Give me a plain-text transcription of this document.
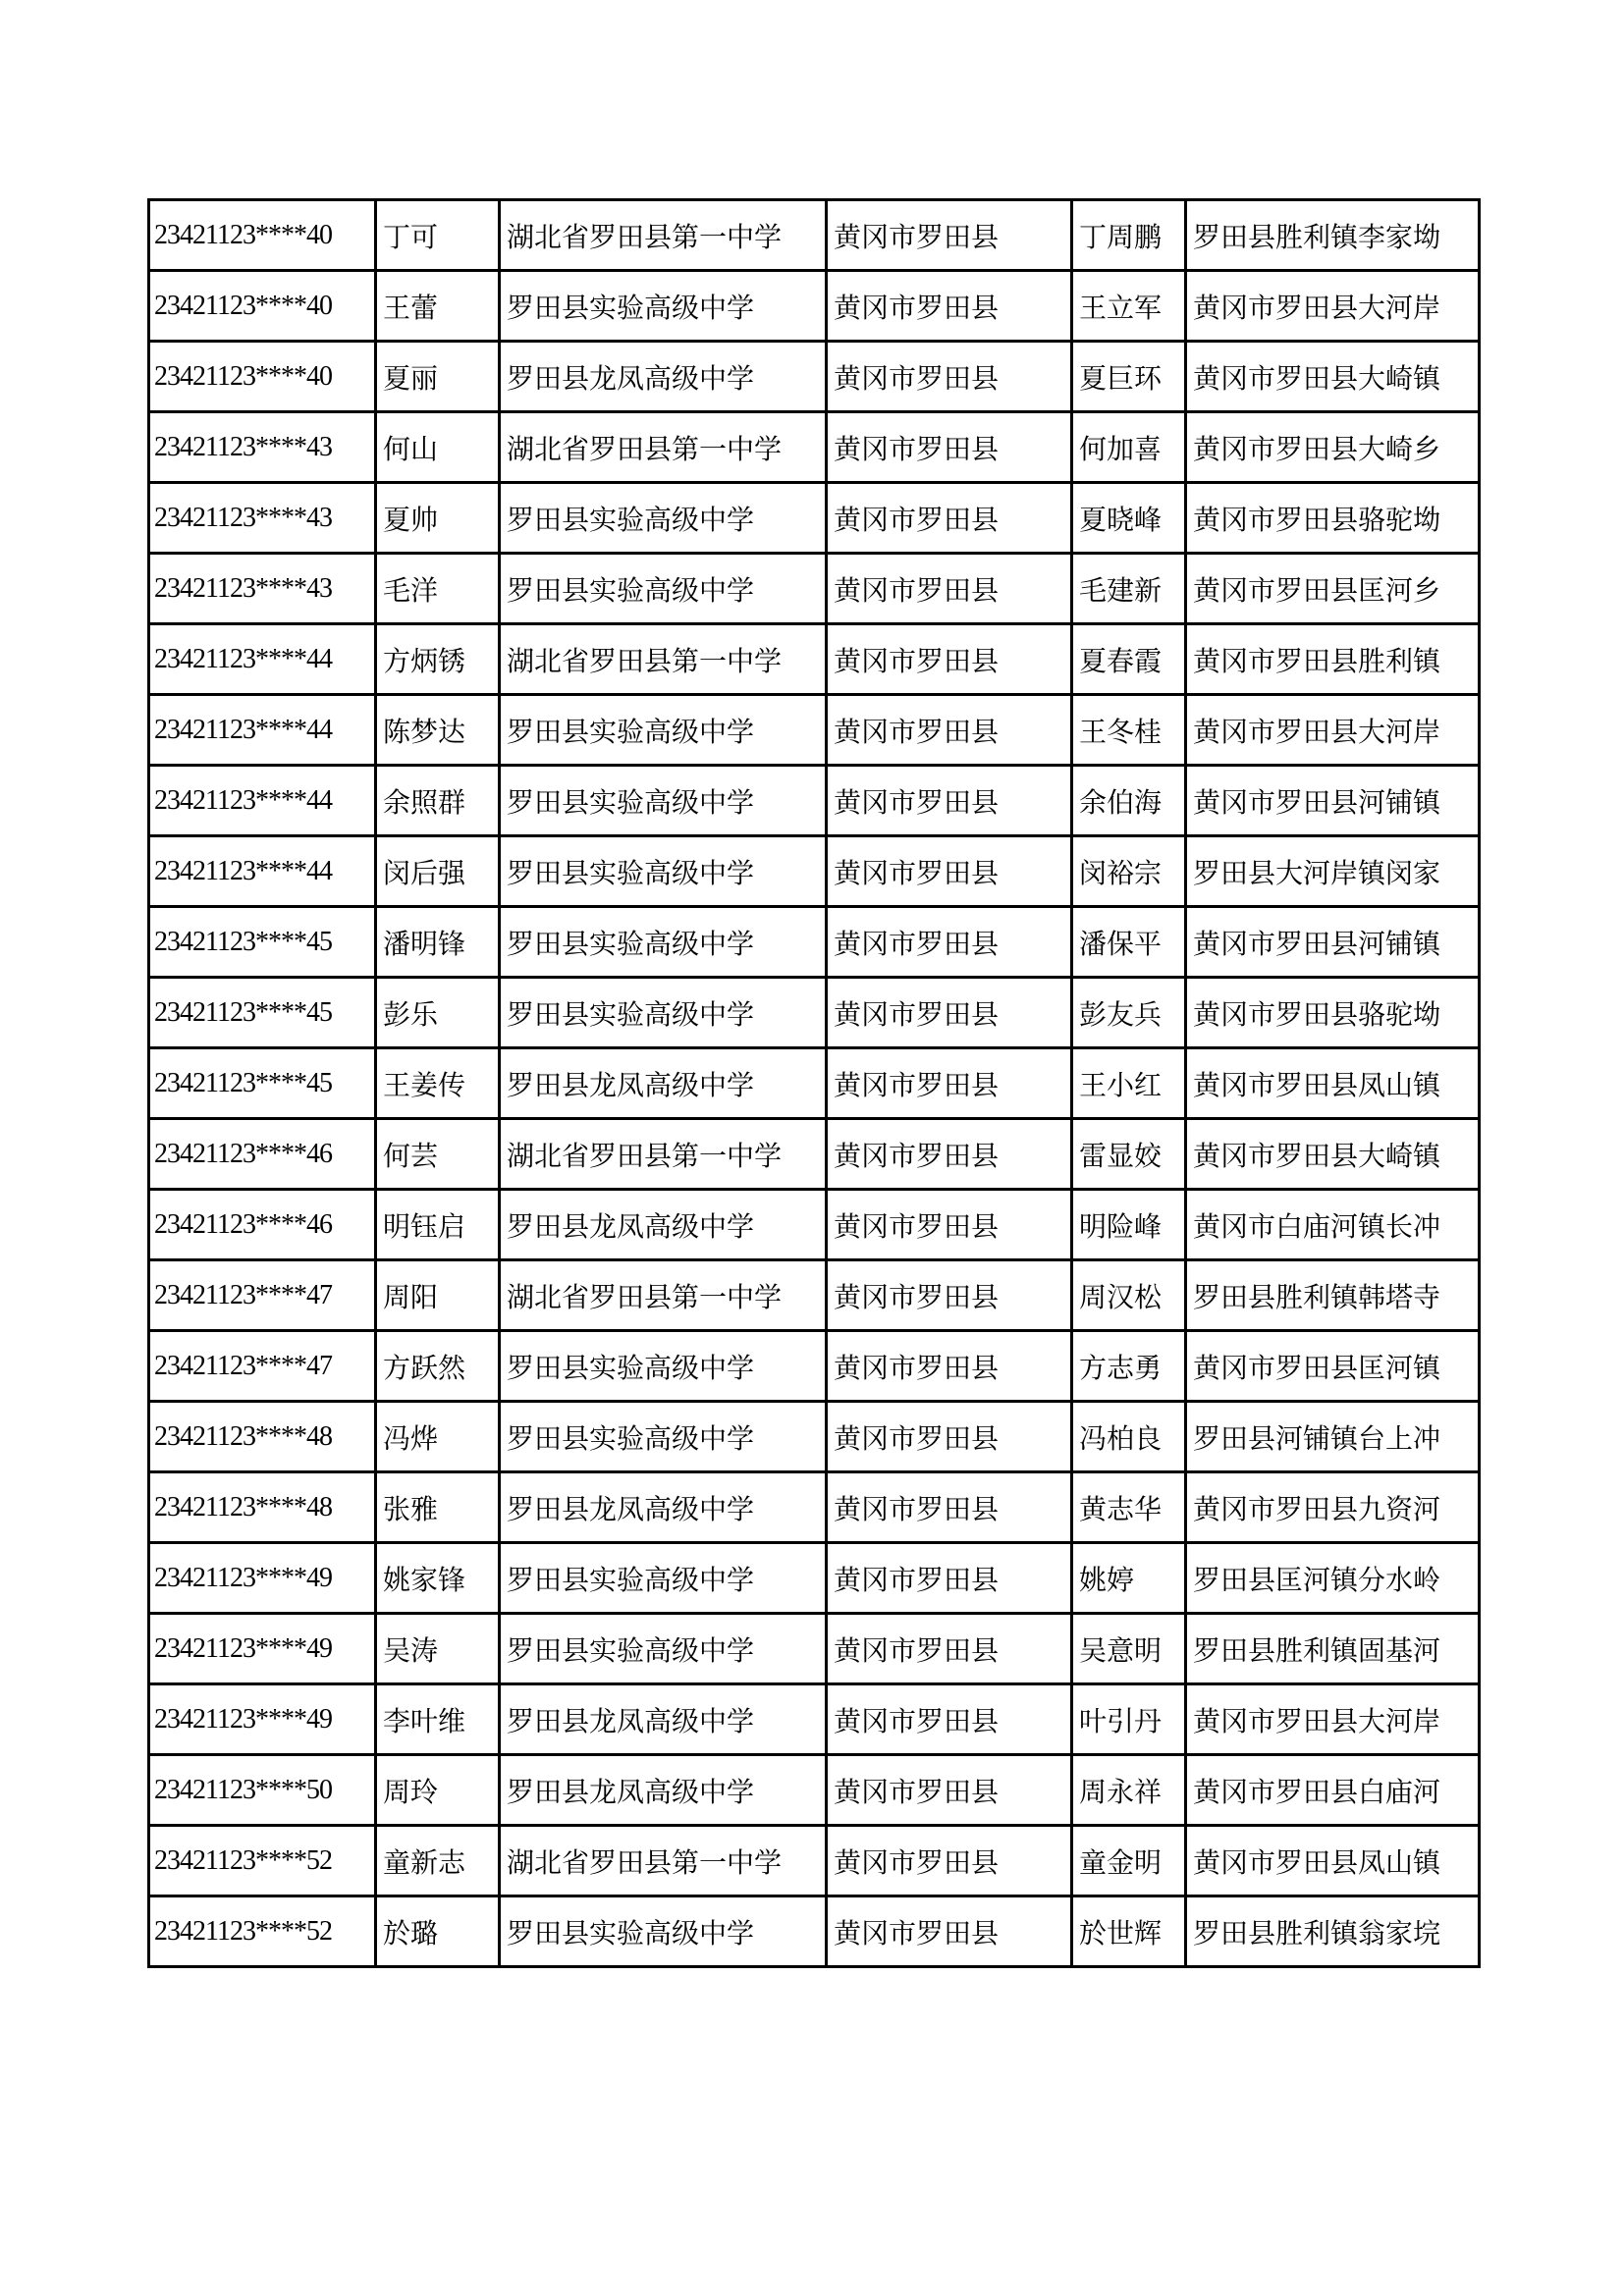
23421123****40	丁可	湖北省罗田县第一中学	黄冈市罗田县	丁周鹏	罗田县胜利镇李家坳
23421123****40	王蕾	罗田县实验高级中学	黄冈市罗田县	王立军	黄冈市罗田县大河岸
23421123****40	夏丽	罗田县龙凤高级中学	黄冈市罗田县	夏巨环	黄冈市罗田县大崎镇
23421123****43	何山	湖北省罗田县第一中学	黄冈市罗田县	何加喜	黄冈市罗田县大崎乡
23421123****43	夏帅	罗田县实验高级中学	黄冈市罗田县	夏晓峰	黄冈市罗田县骆驼坳
23421123****43	毛洋	罗田县实验高级中学	黄冈市罗田县	毛建新	黄冈市罗田县匡河乡
23421123****44	方炳锈	湖北省罗田县第一中学	黄冈市罗田县	夏春霞	黄冈市罗田县胜利镇
23421123****44	陈梦达	罗田县实验高级中学	黄冈市罗田县	王冬桂	黄冈市罗田县大河岸
23421123****44	余照群	罗田县实验高级中学	黄冈市罗田县	余伯海	黄冈市罗田县河铺镇
23421123****44	闵后强	罗田县实验高级中学	黄冈市罗田县	闵裕宗	罗田县大河岸镇闵家
23421123****45	潘明锋	罗田县实验高级中学	黄冈市罗田县	潘保平	黄冈市罗田县河铺镇
23421123****45	彭乐	罗田县实验高级中学	黄冈市罗田县	彭友兵	黄冈市罗田县骆驼坳
23421123****45	王姜传	罗田县龙凤高级中学	黄冈市罗田县	王小红	黄冈市罗田县凤山镇
23421123****46	何芸	湖北省罗田县第一中学	黄冈市罗田县	雷显姣	黄冈市罗田县大崎镇
23421123****46	明钰启	罗田县龙凤高级中学	黄冈市罗田县	明险峰	黄冈市白庙河镇长冲
23421123****47	周阳	湖北省罗田县第一中学	黄冈市罗田县	周汉松	罗田县胜利镇韩塔寺
23421123****47	方跃然	罗田县实验高级中学	黄冈市罗田县	方志勇	黄冈市罗田县匡河镇
23421123****48	冯烨	罗田县实验高级中学	黄冈市罗田县	冯柏良	罗田县河铺镇台上冲
23421123****48	张雅	罗田县龙凤高级中学	黄冈市罗田县	黄志华	黄冈市罗田县九资河
23421123****49	姚家锋	罗田县实验高级中学	黄冈市罗田县	姚婷	罗田县匡河镇分水岭
23421123****49	吴涛	罗田县实验高级中学	黄冈市罗田县	吴意明	罗田县胜利镇固基河
23421123****49	李叶维	罗田县龙凤高级中学	黄冈市罗田县	叶引丹	黄冈市罗田县大河岸
23421123****50	周玲	罗田县龙凤高级中学	黄冈市罗田县	周永祥	黄冈市罗田县白庙河
23421123****52	童新志	湖北省罗田县第一中学	黄冈市罗田县	童金明	黄冈市罗田县凤山镇
23421123****52	於璐	罗田县实验高级中学	黄冈市罗田县	於世辉	罗田县胜利镇翁家垸
